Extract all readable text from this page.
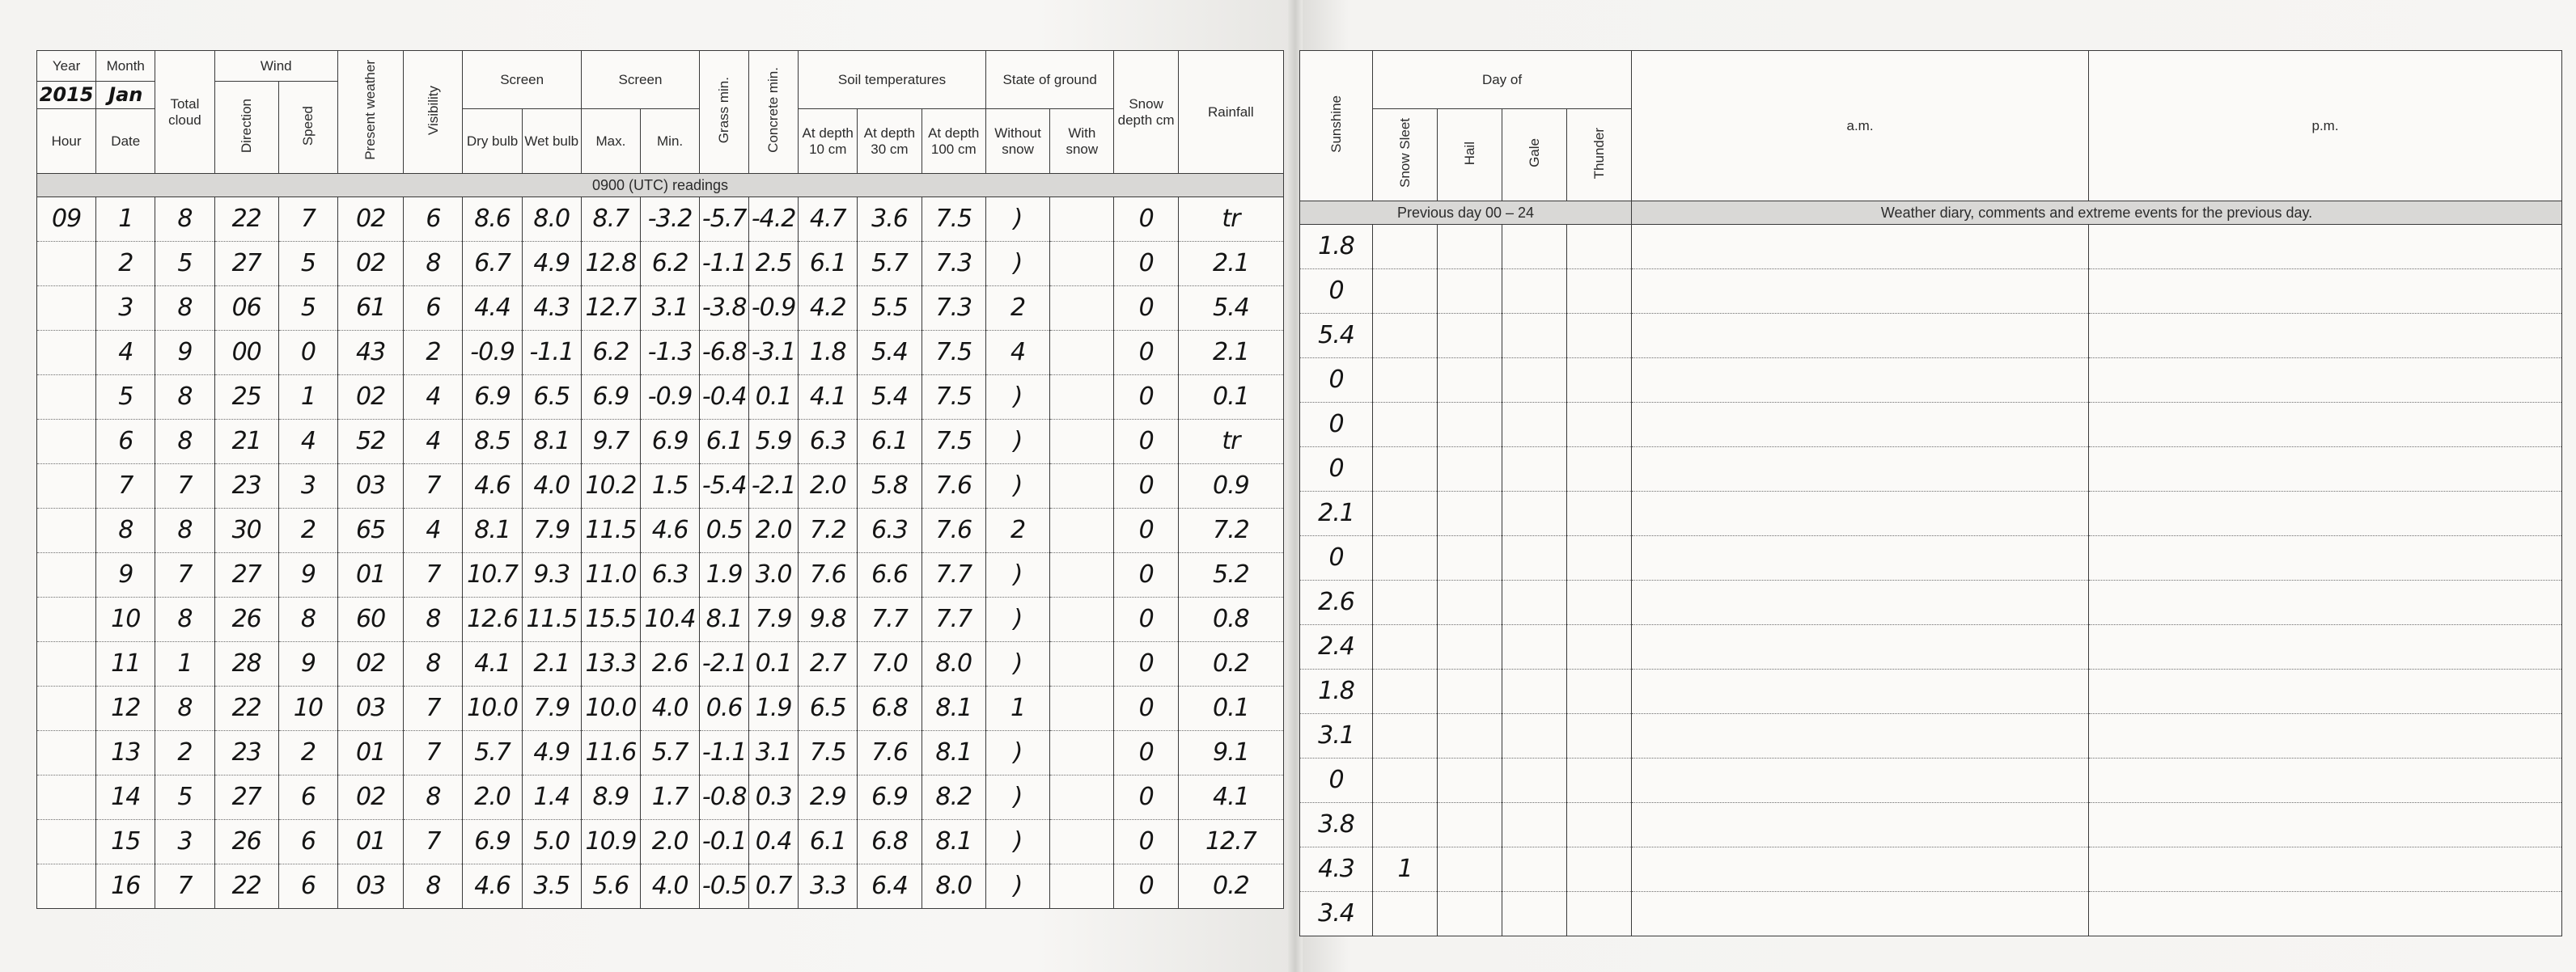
Year	Month	Total cloud	Wind		Present weather	Visibility	Screen		Screen		Grass min.	Concrete min.	Soil temperatures			State of ground		Snow depth cm	Rainfall

2015	Jan		Direction	Speed															
Hour	Date						Dry bulb	Wet bulb	Max.	Min.			At depth 10 cm	At depth 30 cm	At depth 100 cm	Without snow	With snow		
0900 (UTC) readings																			
09	1	8	22	7	02	6	8.6	8.0	8.7	-3.2	-5.7	-4.2	4.7	3.6	7.5	)		0	tr
	2	5	27	5	02	8	6.7	4.9	12.8	6.2	-1.1	2.5	6.1	5.7	7.3	)		0	2.1
	3	8	06	5	61	6	4.4	4.3	12.7	3.1	-3.8	-0.9	4.2	5.5	7.3	2		0	5.4
	4	9	00	0	43	2	-0.9	-1.1	6.2	-1.3	-6.8	-3.1	1.8	5.4	7.5	4		0	2.1
	5	8	25	1	02	4	6.9	6.5	6.9	-0.9	-0.4	0.1	4.1	5.4	7.5	)		0	0.1
	6	8	21	4	52	4	8.5	8.1	9.7	6.9	6.1	5.9	6.3	6.1	7.5	)		0	tr
	7	7	23	3	03	7	4.6	4.0	10.2	1.5	-5.4	-2.1	2.0	5.8	7.6	)		0	0.9
	8	8	30	2	65	4	8.1	7.9	11.5	4.6	0.5	2.0	7.2	6.3	7.6	2		0	7.2
	9	7	27	9	01	7	10.7	9.3	11.0	6.3	1.9	3.0	7.6	6.6	7.7	)		0	5.2
	10	8	26	8	60	8	12.6	11.5	15.5	10.4	8.1	7.9	9.8	7.7	7.7	)		0	0.8
	11	1	28	9	02	8	4.1	2.1	13.3	2.6	-2.1	0.1	2.7	7.0	8.0	)		0	0.2
	12	8	22	10	03	7	10.0	7.9	10.0	4.0	0.6	1.9	6.5	6.8	8.1	1		0	0.1
	13	2	23	2	01	7	5.7	4.9	11.6	5.7	-1.1	3.1	7.5	7.6	8.1	)		0	9.1
	14	5	27	6	02	8	2.0	1.4	8.9	1.7	-0.8	0.3	2.9	6.9	8.2	)		0	4.1
	15	3	26	6	01	7	6.9	5.0	10.9	2.0	-0.1	0.4	6.1	6.8	8.1	)		0	12.7
	16	7	22	6	03	8	4.6	3.5	5.6	4.0	-0.5	0.7	3.3	6.4	8.0	)		0	0.2
Sunshine	Day of				a.m.	p.m.
	Snow Sleet	Hail	Gale	Thunder		
Previous day 00 – 24					Weather diary, comments and extreme events for the previous day.	
1.8						
0						
5.4						
0						
0						
0						
2.1						
0						
2.6						
2.4						
1.8						
3.1						
0						
3.8						
4.3	1					
3.4						
